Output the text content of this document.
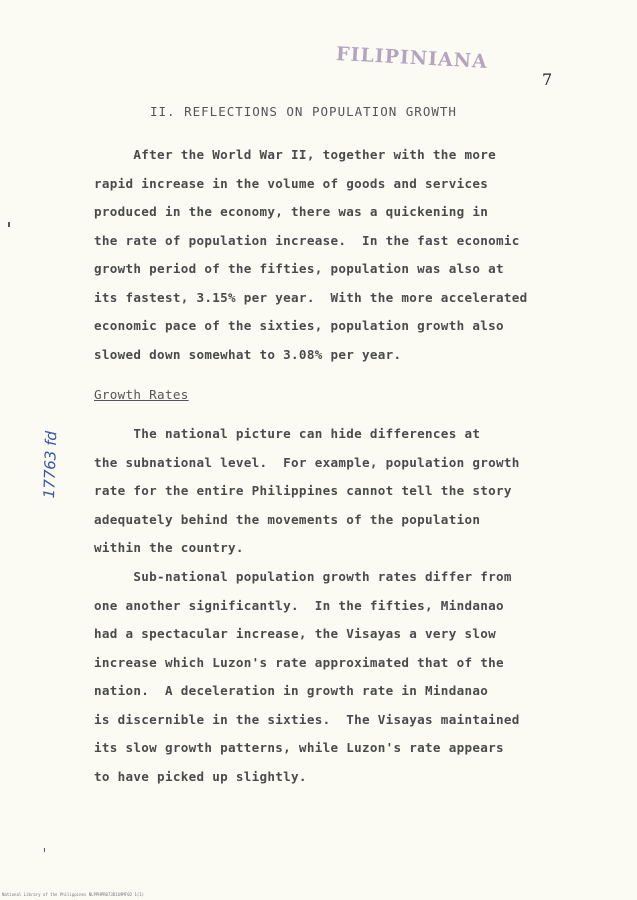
FILIPINIANA
7
II. REFLECTIONS ON POPULATION GROWTH
After the World War II, together with the more
rapid increase in the volume of goods and services
produced in the economy, there was a quickening in
the rate of population increase.  In the fast economic
growth period of the fifties, population was also at
its fastest, 3.15% per year.  With the more accelerated
economic pace of the sixties, population growth also
slowed down somewhat to 3.08% per year.
Growth Rates
The national picture can hide differences at
the subnational level.  For example, population growth
rate for the entire Philippines cannot tell the story
adequately behind the movements of the population
within the country.
Sub-national population growth rates differ from
one another significantly.  In the fifties, Mindanao
had a spectacular increase, the Visayas a very slow
increase which Luzon's rate approximated that of the
nation.  A deceleration in growth rate in Mindanao
is discernible in the sixties.  The Visayas maintained
its slow growth patterns, while Luzon's rate appears
to have picked up slightly.
17763 fd
National Library of the Philippines NLPPHPR073D169MF02 1(1)
